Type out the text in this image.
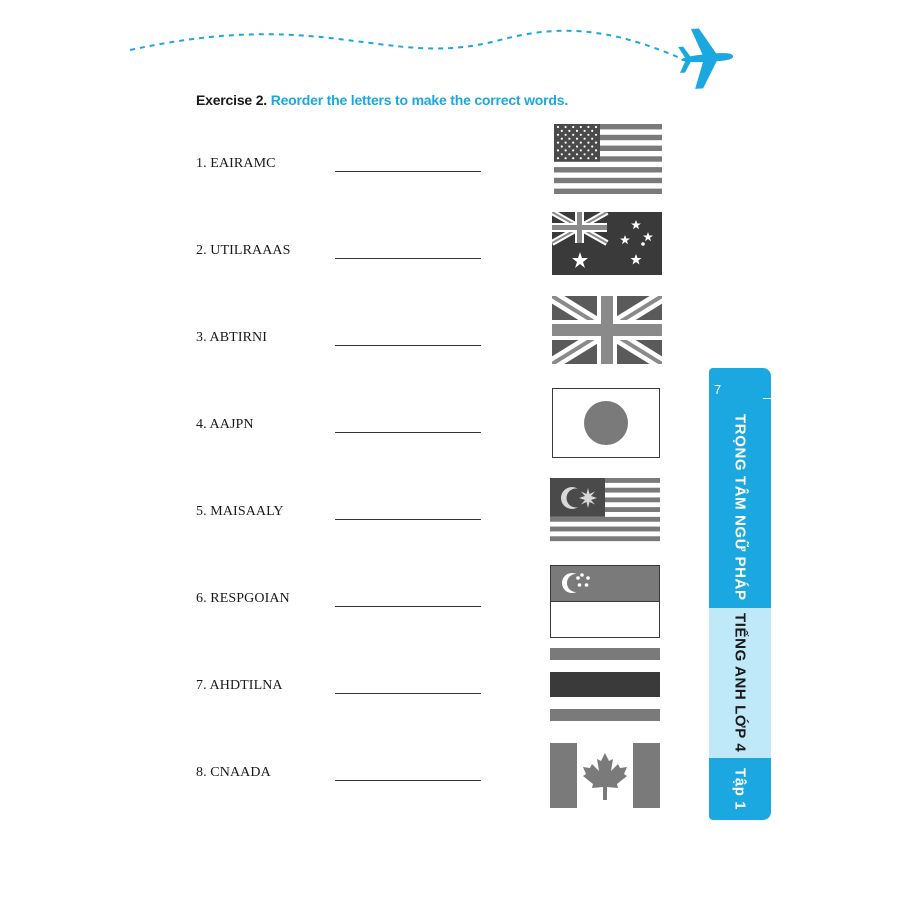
Exercise 2. Reorder the letters to make the correct words.
1. EAIRAMC
2. UTILRAAAS
3. ABTIRNI
4. AAJPN
5. MAISAALY
6. RESPGOIAN
7. AHDTILNA
8. CNAADA
7
TRỌNG TÂM NGỮ PHÁP
TIẾNG ANH LỚP 4
Tập 1
